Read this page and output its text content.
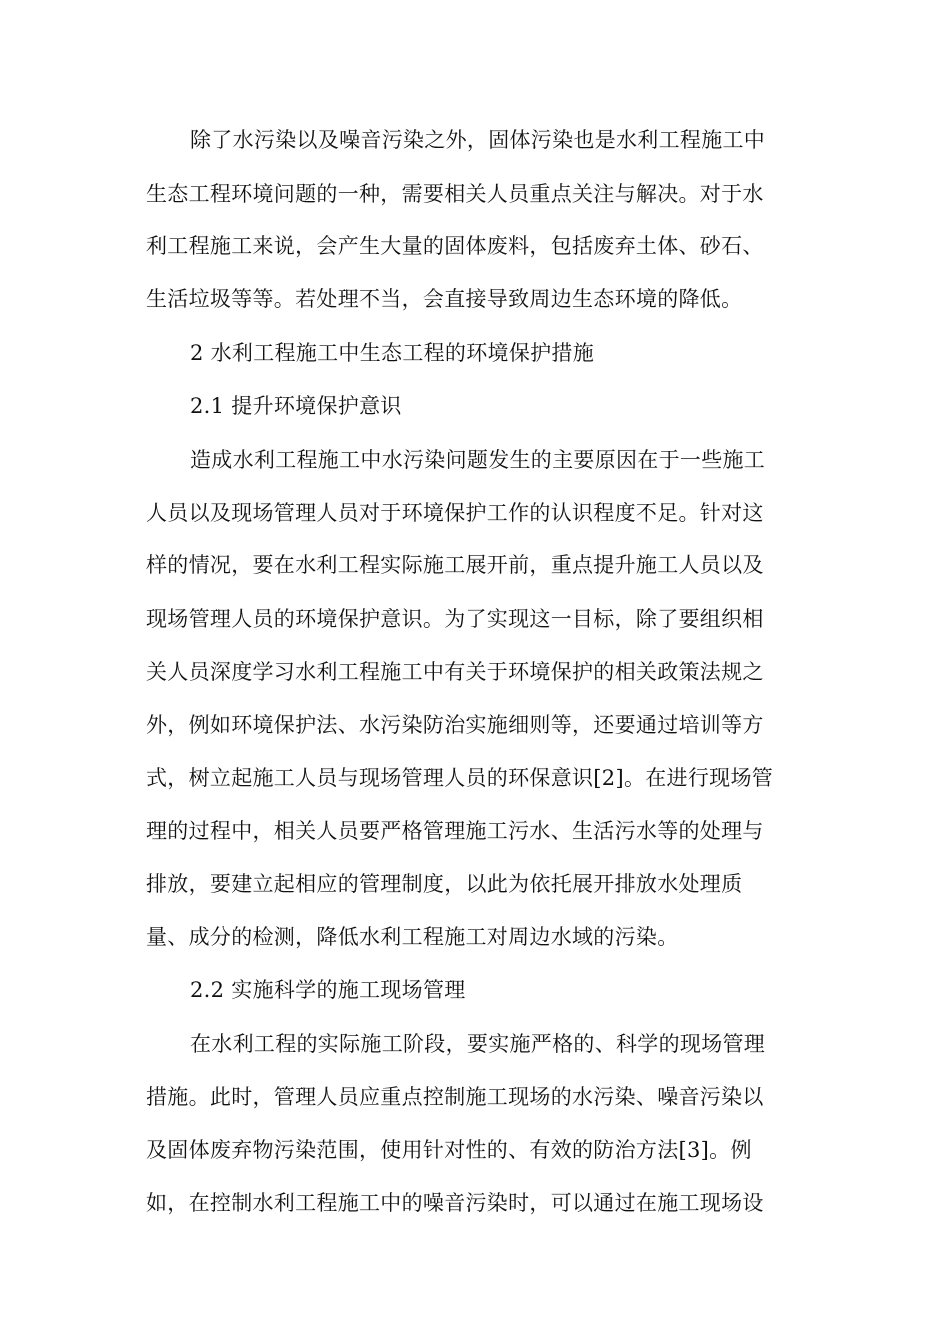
除了水污染以及噪音污染之外，固体污染也是水利工程施工中
生态工程环境问题的一种，需要相关人员重点关注与解决。对于水
利工程施工来说，会产生大量的固体废料，包括废弃土体、砂石、
生活垃圾等等。若处理不当，会直接导致周边生态环境的降低。
2 水利工程施工中生态工程的环境保护措施
2.1 提升环境保护意识
造成水利工程施工中水污染问题发生的主要原因在于一些施工
人员以及现场管理人员对于环境保护工作的认识程度不足。针对这
样的情况，要在水利工程实际施工展开前，重点提升施工人员以及
现场管理人员的环境保护意识。为了实现这一目标，除了要组织相
关人员深度学习水利工程施工中有关于环境保护的相关政策法规之
外，例如环境保护法、水污染防治实施细则等，还要通过培训等方
式，树立起施工人员与现场管理人员的环保意识[2]。在进行现场管
理的过程中，相关人员要严格管理施工污水、生活污水等的处理与
排放，要建立起相应的管理制度，以此为依托展开排放水处理质
量、成分的检测，降低水利工程施工对周边水域的污染。
2.2 实施科学的施工现场管理
在水利工程的实际施工阶段，要实施严格的、科学的现场管理
措施。此时，管理人员应重点控制施工现场的水污染、噪音污染以
及固体废弃物污染范围，使用针对性的、有效的防治方法[3]。例
如，在控制水利工程施工中的噪音污染时，可以通过在施工现场设
